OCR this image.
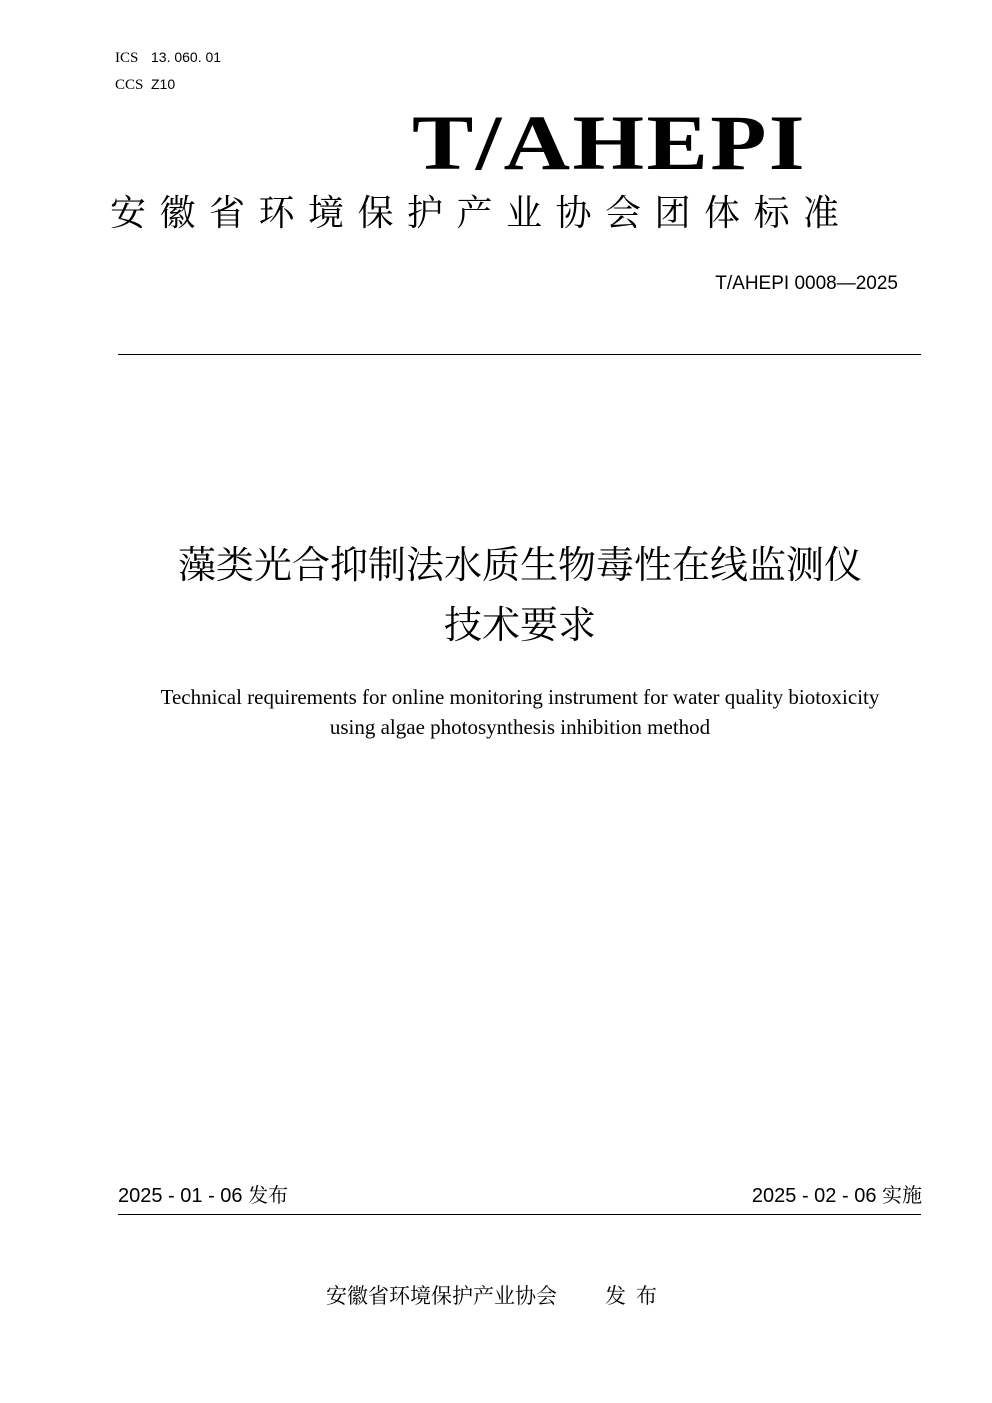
ICS 13. 060. 01
CCS Z10
T/AHEPI
安徽省环境保护产业协会团体标准
T/AHEPI 0008—2025
藻类光合抑制法水质生物毒性在线监测仪
技术要求
Technical requirements for online monitoring instrument for water quality biotoxicity
using algae photosynthesis inhibition method
2025 - 01 - 06 发布	2025 - 02 - 06 实施
安徽省环境保护产业协会 发布
